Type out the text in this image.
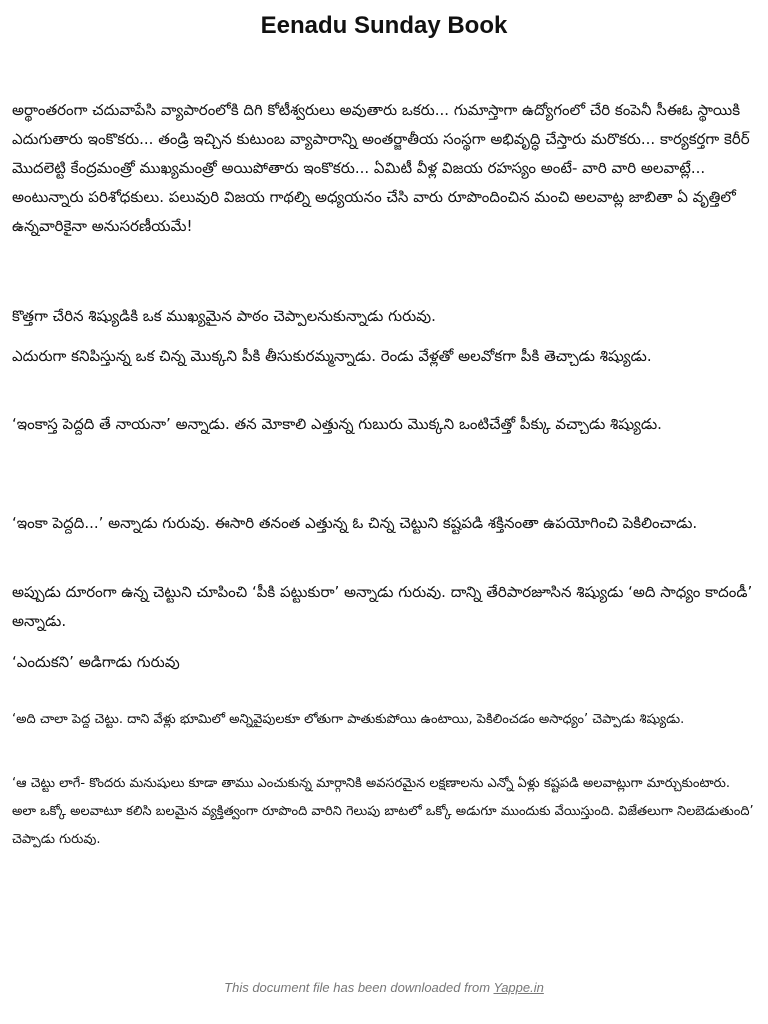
Eenadu Sunday Book

అర్థాంతరంగా చదువాపేసి వ్యాపారంలోకి దిగి కోటీశ్వరులు అవుతారు ఒకరు... గుమాస్తాగా ఉద్యోగంలో చేరి కంపెనీ సీఈఓ స్థాయికి ఎదుగుతారు ఇంకొకరు... తండ్రి ఇచ్చిన కుటుంబ వ్యాపారాన్ని అంతర్జాతీయ సంస్థగా అభివృద్ధి చేస్తారు మరొకరు... కార్యకర్తగా కెరీర్ మొదలెట్టి కేంద్రమంత్రో ముఖ్యమంత్రో అయిపోతారు ఇంకొకరు... ఏమిటీ వీళ్ల విజయ రహస్యం అంటే- వారి వారి అలవాట్లే... అంటున్నారు పరిశోధకులు. పలువురి విజయ గాథల్ని అధ్యయనం చేసి వారు రూపొందించిన మంచి అలవాట్ల జాబితా ఏ వృత్తిలో ఉన్నవారికైనా అనుసరణీయమే!

కొత్తగా చేరిన శిష్యుడికి ఒక ముఖ్యమైన పాఠం చెప్పాలనుకున్నాడు గురువు.

ఎదురుగా కనిపిస్తున్న ఒక చిన్న మొక్కని పీకి తీసుకురమ్మన్నాడు. రెండు వేళ్లతో అలవోకగా పీకి తెచ్చాడు శిష్యుడు.

‘ఇంకాస్త పెద్దది తే నాయనా’ అన్నాడు. తన మోకాలి ఎత్తున్న గుబురు మొక్కని ఒంటిచేత్తో పీక్కు వచ్చాడు శిష్యుడు.

‘ఇంకా పెద్దది...’ అన్నాడు గురువు. ఈసారి తనంత ఎత్తున్న ఓ చిన్న చెట్టుని కష్టపడి శక్తినంతా ఉపయోగించి పెకిలించాడు.

అప్పుడు దూరంగా ఉన్న చెట్టుని చూపించి ‘పీకి పట్టుకురా’ అన్నాడు గురువు. దాన్ని తేరిపారజూసిన శిష్యుడు ‘అది సాధ్యం కాదండీ’ అన్నాడు.

‘ఎందుకని’ అడిగాడు గురువు

‘అది చాలా పెద్ద చెట్టు. దాని వేళ్లు భూమిలో అన్నివైపులకూ లోతుగా పాతుకుపోయి ఉంటాయి, పెకిలించడం అసాధ్యం’ చెప్పాడు శిష్యుడు.

‘ఆ చెట్టు లాగే- కొందరు మనుషులు కూడా తాము ఎంచుకున్న మార్గానికి అవసరమైన లక్షణాలను ఎన్నో ఏళ్లు కష్టపడి అలవాట్లుగా మార్చుకుంటారు. అలా ఒక్కో అలవాటూ కలిసి బలమైన వ్యక్తిత్వంగా రూపొంది వారిని గెలుపు బాటలో ఒక్కో అడుగూ ముందుకు వేయిస్తుంది. విజేతలుగా నిలబెడుతుంది’ చెప్పాడు గురువు.

This document file has been downloaded from Yappe.in
